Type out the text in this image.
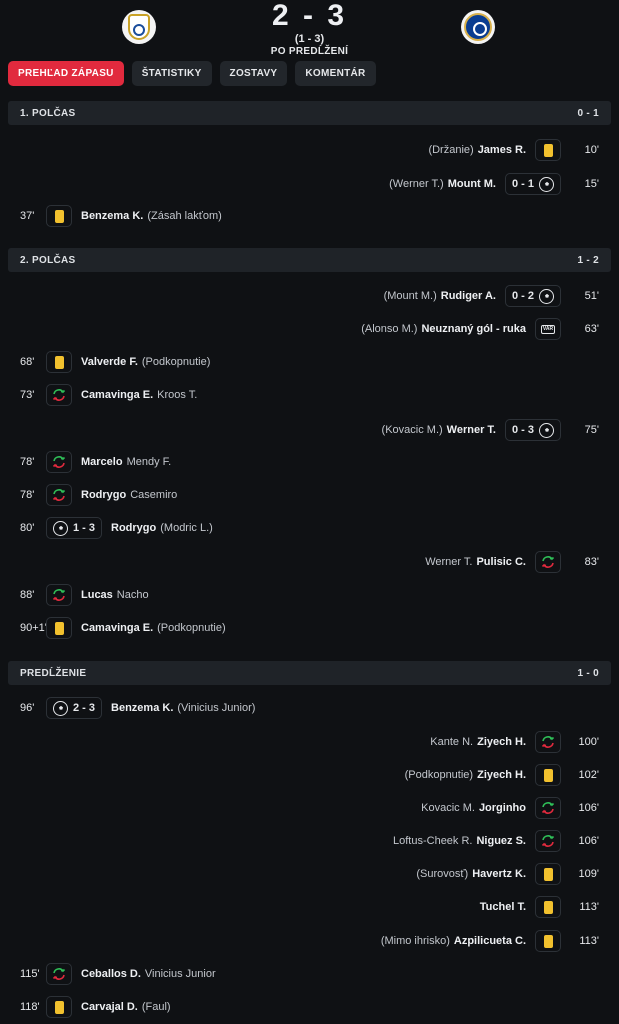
2 - 3
(1 - 3)
PO PREDĹŽENÍ
PREHĽAD ZÁPASU	ŠTATISTIKY	ZOSTAVY	KOMENTÁR
1. POLČAS	0 - 1
2. POLČAS	1 - 2
PREDĹŽENIE	1 - 0
(Držanie) James R.	10'
(Werner T.) Mount M. 0 - 1	15'
37'	Benzema K. (Zásah lakťom)
(Mount M.) Rudiger A. 0 - 2	51'
(Alonso M.) Neuznaný gól - ruka	VAR	63'
68'	Valverde F. (Podkopnutie)
73'	Camavinga E. Kroos T.
(Kovacic M.) Werner T. 0 - 3	75'
78'	Marcelo Mendy F.
78'	Rodrygo Casemiro
80'	1 - 3 Rodrygo (Modric L.)
Werner T. Pulisic C.	83'
88'	Lucas Nacho
90+1'	Camavinga E. (Podkopnutie)
96'	2 - 3 Benzema K. (Vinicius Junior)
Kante N. Ziyech H.	100'
(Podkopnutie) Ziyech H.	102'
Kovacic M. Jorginho	106'
Loftus-Cheek R. Niguez S.	106'
(Surovosť) Havertz K.	109'
Tuchel T.	113'
(Mimo ihrisko) Azpilicueta C.	113'
115'	Ceballos D. Vinicius Junior
118'	Carvajal D. (Faul)
